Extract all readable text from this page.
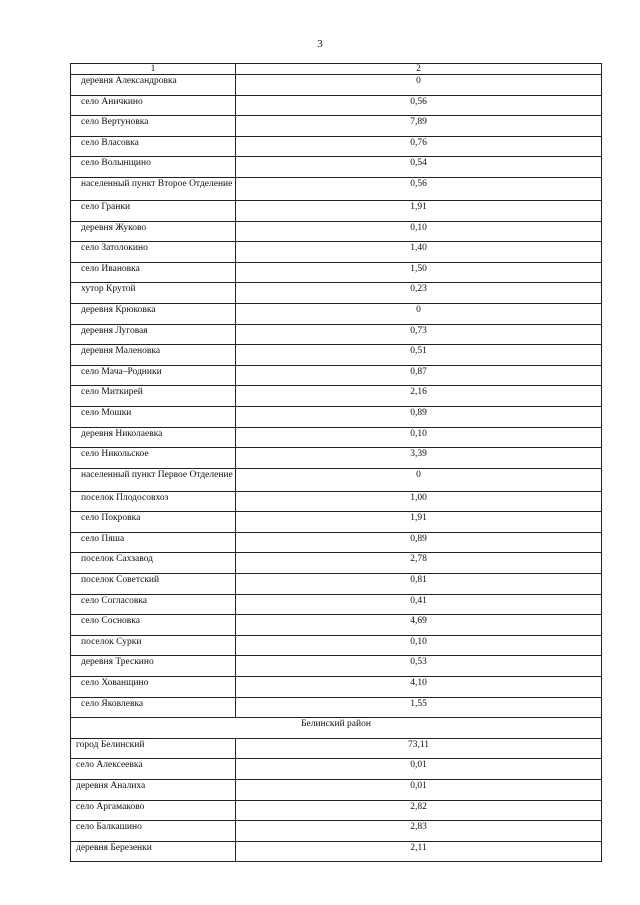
3
1	2
деревня Александровка	0
село Аничкино	0,56
село Вертуновка	7,89
село Власовка	0,76
село Волынщино	0,54
населенный пункт Второе Отделение	0,56
село Гранки	1,91
деревня Жуково	0,10
село Затолокино	1,40
село Ивановка	1,50
хутор Крутой	0,23
деревня Крюковка	0
деревня Луговая	0,73
деревня Маленовка	0,51
село Мача–Родники	0,87
село Миткирей	2,16
село Мошки	0,89
деревня Николаевка	0,10
село Никольское	3,39
населенный пункт Первое Отделение	0
поселок Плодосовхоз	1,00
село Покровка	1,91
село Пяша	0,89
поселок Сахзавод	2,78
поселок Советский	0,81
село Согласовка	0,41
село Сосновка	4,69
поселок Сурки	0,10
деревня Трескино	0,53
село Хованщино	4,10
село Яковлевка	1,55
Белинский район	
город Белинский	73,11
село Алексеевка	0,01
деревня Аналиха	0,01
село Аргамаково	2,82
село Балкашино	2,83
деревня Березенки	2,11
